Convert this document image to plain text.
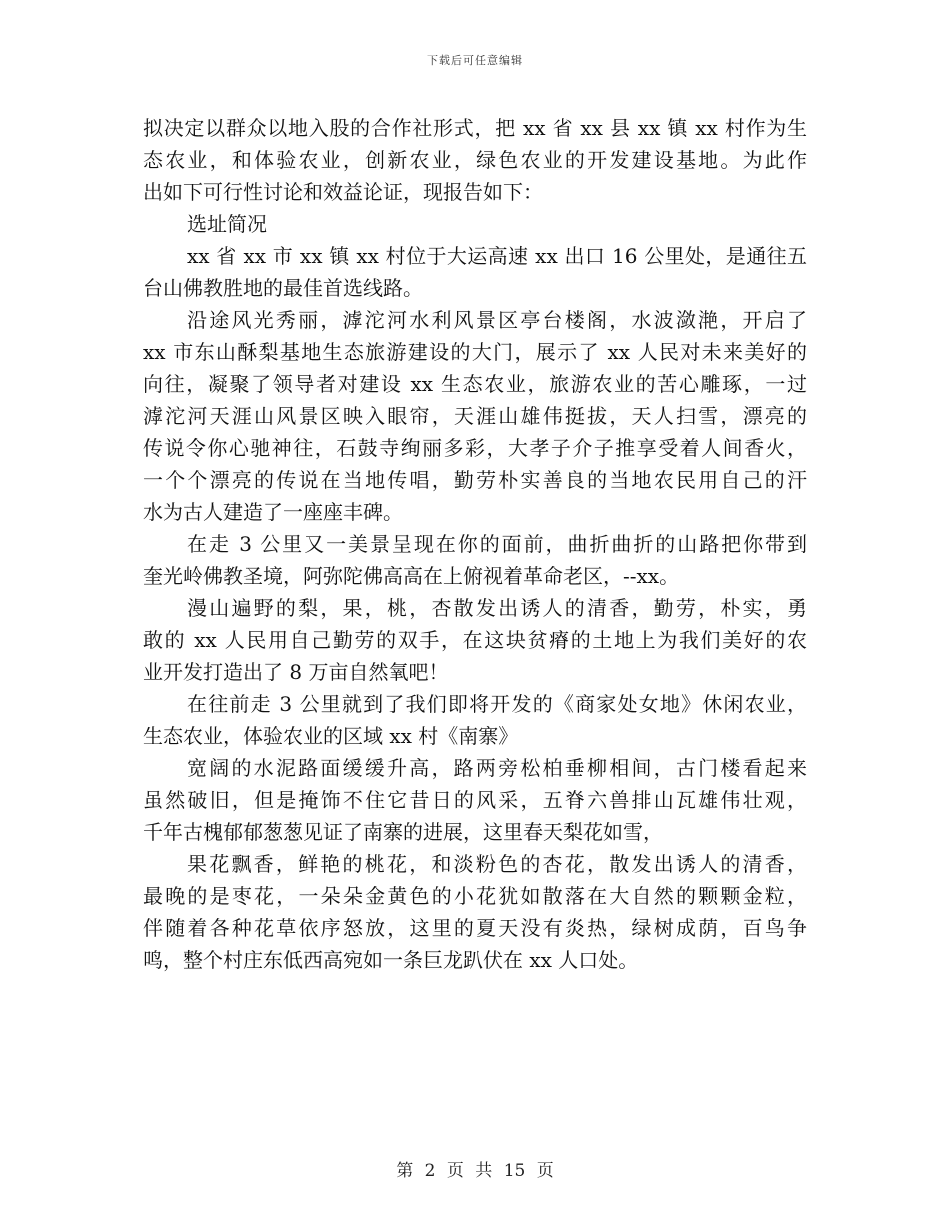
下载后可任意编辑
拟决定以群众以地入股的合作社形式，把 xx 省 xx 县 xx 镇 xx 村作为生
态农业，和体验农业，创新农业，绿色农业的开发建设基地。为此作
出如下可行性讨论和效益论证，现报告如下：
选址简况
xx 省 xx 市 xx 镇 xx 村位于大运高速 xx 出口 16 公里处，是通往五
台山佛教胜地的最佳首选线路。
沿途风光秀丽，滹沱河水利风景区亭台楼阁，水波潋滟，开启了
xx 市东山酥梨基地生态旅游建设的大门，展示了 xx 人民对未来美好的
向往，凝聚了领导者对建设 xx 生态农业，旅游农业的苦心雕琢，一过
滹沱河天涯山风景区映入眼帘，天涯山雄伟挺拔，天人扫雪，漂亮的
传说令你心驰神往，石鼓寺绚丽多彩，大孝子介子推享受着人间香火，
一个个漂亮的传说在当地传唱，勤劳朴实善良的当地农民用自己的汗
水为古人建造了一座座丰碑。
在走 3 公里又一美景呈现在你的面前，曲折曲折的山路把你带到
奎光岭佛教圣境，阿弥陀佛高高在上俯视着革命老区，--xx。
漫山遍野的梨，果，桃，杏散发出诱人的清香，勤劳，朴实，勇
敢的 xx 人民用自己勤劳的双手，在这块贫瘠的土地上为我们美好的农
业开发打造出了 8 万亩自然氧吧！
在往前走 3 公里就到了我们即将开发的《商家处女地》休闲农业，
生态农业，体验农业的区域 xx 村《南寨》
宽阔的水泥路面缓缓升高，路两旁松柏垂柳相间，古门楼看起来
虽然破旧，但是掩饰不住它昔日的风采，五脊六兽排山瓦雄伟壮观，
千年古槐郁郁葱葱见证了南寨的进展，这里春天梨花如雪，
果花飘香，鲜艳的桃花，和淡粉色的杏花，散发出诱人的清香，
最晚的是枣花，一朵朵金黄色的小花犹如散落在大自然的颗颗金粒，
伴随着各种花草依序怒放，这里的夏天没有炎热，绿树成荫，百鸟争
鸣，整个村庄东低西高宛如一条巨龙趴伏在 xx 人口处。
第 2 页 共 15 页
